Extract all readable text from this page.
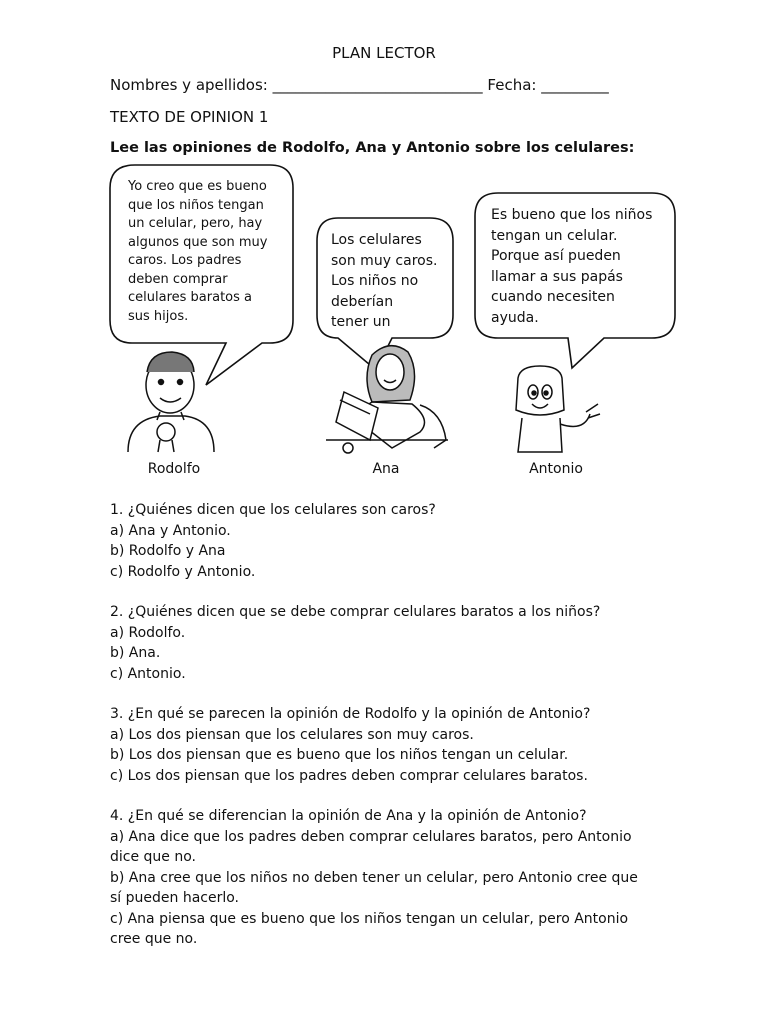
PLAN LECTOR
Nombres y apellidos: ____________________________ Fecha: _________
TEXTO DE OPINION 1
Lee las opiniones de Rodolfo, Ana y Antonio sobre los celulares:
Yo creo que es bueno
que los niños tengan
un celular, pero, hay
algunos que son muy
caros. Los padres
deben comprar
celulares baratos a
sus hijos.
Los celulares
son muy caros.
Los niños no
deberían
tener un
Es bueno que los niños
tengan un celular.
Porque así pueden
llamar a sus papás
cuando necesiten
ayuda.
Rodolfo	Ana	Antonio
1. ¿Quiénes dicen que los celulares son caros?
a) Ana y Antonio.
b) Rodolfo y Ana
c) Rodolfo y Antonio.
2. ¿Quiénes dicen que se debe comprar celulares baratos a los niños?
a) Rodolfo.
b) Ana.
c) Antonio.
3. ¿En qué se parecen la opinión de Rodolfo y la opinión de Antonio?
a) Los dos piensan que los celulares son muy caros.
b) Los dos piensan que es bueno que los niños tengan un celular.
c) Los dos piensan que los padres deben comprar celulares baratos.
4. ¿En qué se diferencian la opinión de Ana y la opinión de Antonio?
a) Ana dice que los padres deben comprar celulares baratos, pero Antonio
dice que no.
b) Ana cree que los niños no deben tener un celular, pero Antonio cree que
sí pueden hacerlo.
c) Ana piensa que es bueno que los niños tengan un celular, pero Antonio
cree que no.
